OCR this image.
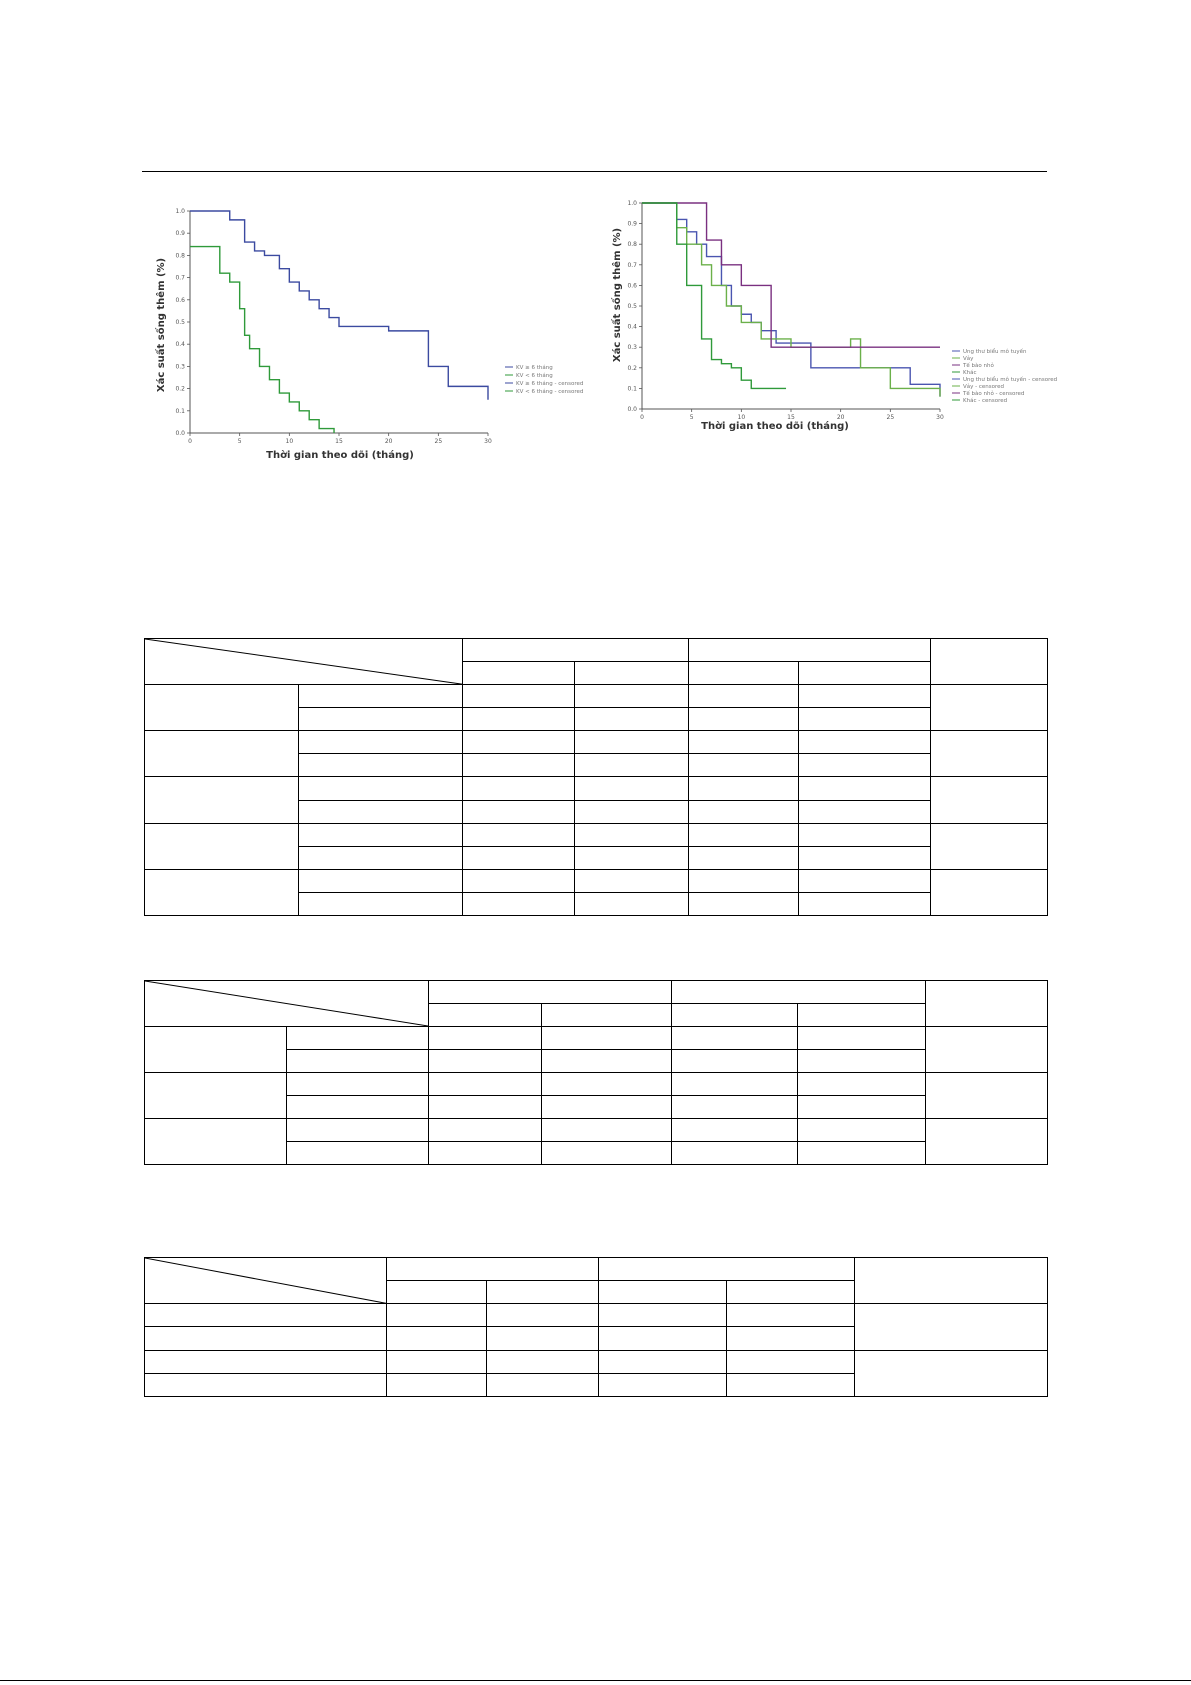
Xác suất sống thêm (%)
Thời gian theo dõi (tháng)
0.0
0.1
0.2
0.3
0.4
0.5
0.6
0.7
0.8
0.9
1.0
0	5	10	15	20	25	30
KV ≥ 6 tháng
KV < 6 tháng
KV ≥ 6 tháng - censored
KV < 6 tháng - censored
Xác suất sống thêm (%)
Thời gian theo dõi (tháng)
0.0
0.1
0.2
0.3
0.4
0.5
0.6
0.7
0.8
0.9
1.0
0	5	10	15	20	25	30
Ung thư biểu mô tuyến
Vảy
Tế bào nhỏ
Khác
Ung thư biểu mô tuyến - censored
Vảy - censored
Tế bào nhỏ - censored
Khác - censored
